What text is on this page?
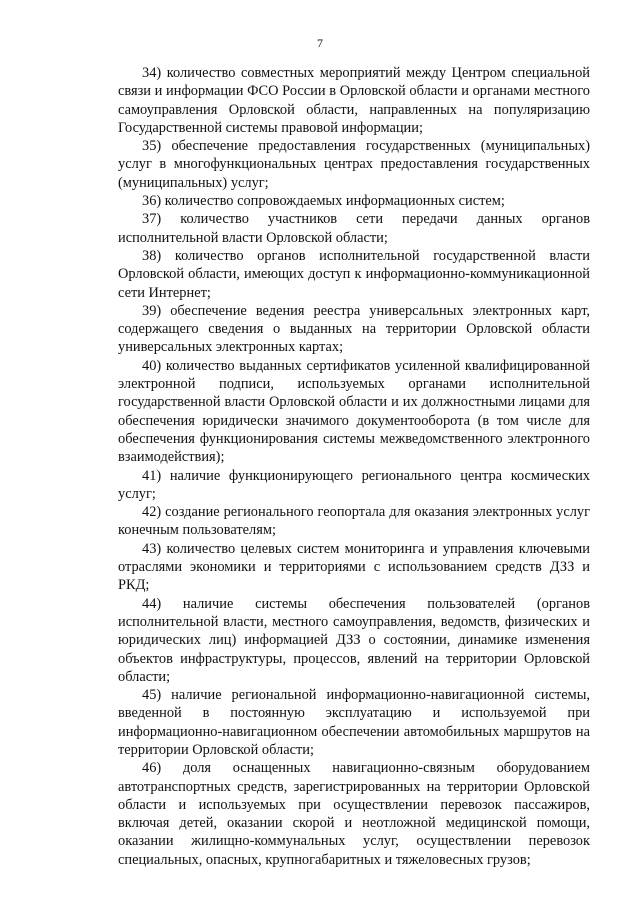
7

34) количество совместных мероприятий между Центром специальной связи и информации ФСО России в Орловской области и органами местного самоуправления Орловской области, направленных на популяризацию Государственной системы правовой информации;

35) обеспечение предоставления государственных (муниципальных) услуг в многофункциональных центрах предоставления государственных (муниципальных) услуг;

36) количество сопровождаемых информационных систем;

37) количество участников сети передачи данных органов исполнительной власти Орловской области;

38) количество органов исполнительной государственной власти Орловской области, имеющих доступ к информационно-коммуникационной сети Интернет;

39) обеспечение ведения реестра универсальных электронных карт, содержащего сведения о выданных на территории Орловской области универсальных электронных картах;

40) количество выданных сертификатов усиленной квалифицированной электронной подписи, используемых органами исполнительной государственной власти Орловской области и их должностными лицами для обеспечения юридически значимого документооборота (в том числе для обеспечения функционирования системы межведомственного электронного взаимодействия);

41) наличие функционирующего регионального центра космических услуг;

42) создание регионального геопортала для оказания электронных услуг конечным пользователям;

43) количество целевых систем мониторинга и управления ключевыми отраслями экономики и территориями с использованием средств ДЗЗ и РКД;

44) наличие системы обеспечения пользователей (органов исполнительной власти, местного самоуправления, ведомств, физических и юридических лиц) информацией ДЗЗ о состоянии, динамике изменения объектов инфраструктуры, процессов, явлений на территории Орловской области;

45) наличие региональной информационно-навигационной системы, введенной в постоянную эксплуатацию и используемой при информационно-навигационном обеспечении автомобильных маршрутов на территории Орловской области;

46) доля оснащенных навигационно-связным оборудованием автотранспортных средств, зарегистрированных на территории Орловской области и используемых при осуществлении перевозок пассажиров, включая детей, оказании скорой и неотложной медицинской помощи, оказании жилищно-коммунальных услуг, осуществлении перевозок специальных, опасных, крупногабаритных и тяжеловесных грузов;
